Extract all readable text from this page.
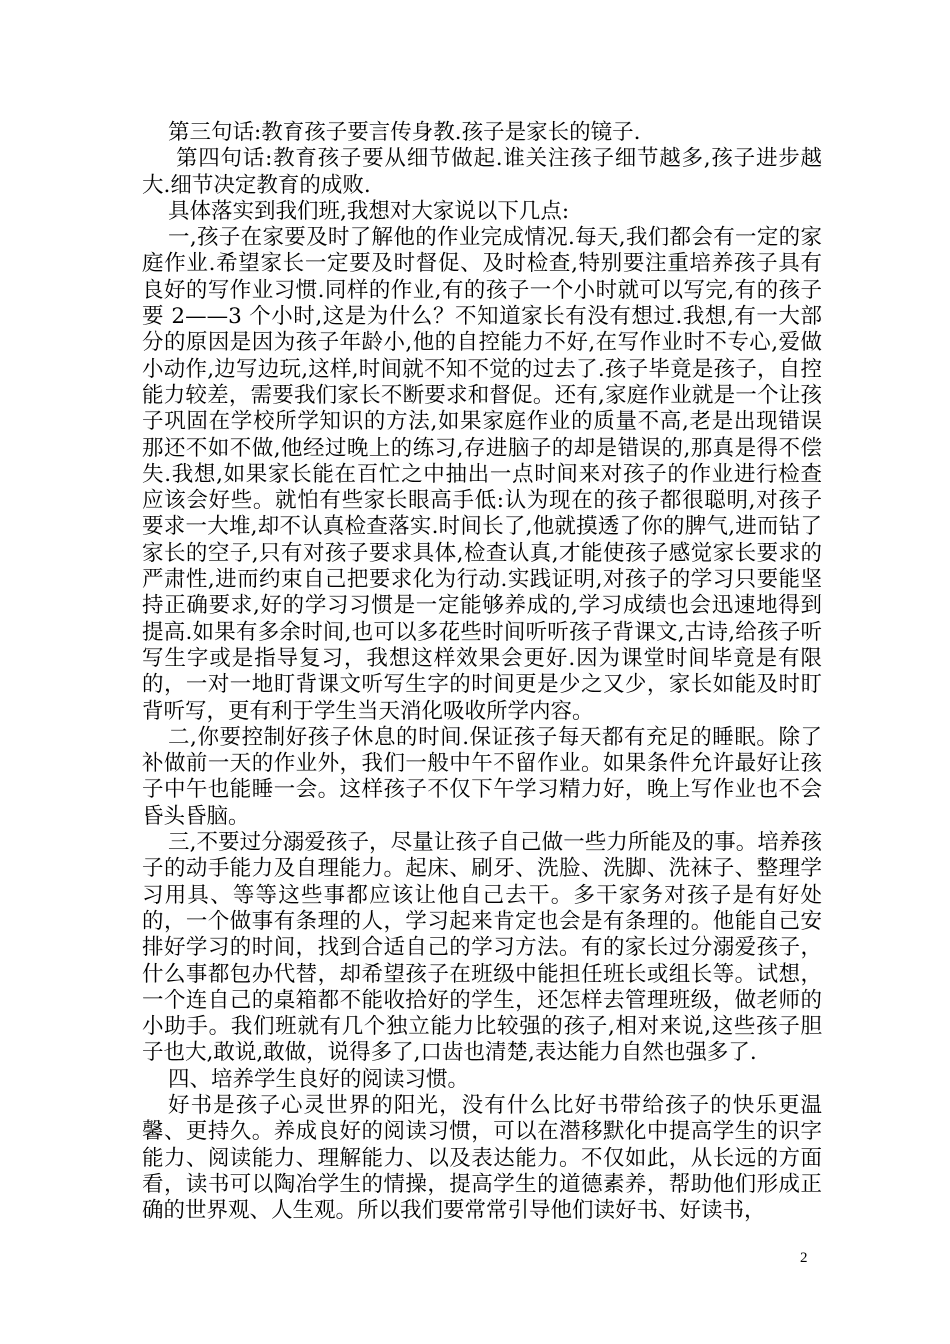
第三句话:教育孩子要言传身教.孩子是家长的镜子.

第四句话:教育孩子要从细节做起.谁关注孩子细节越多,孩子进步越大.细节决定教育的成败.

具体落实到我们班,我想对大家说以下几点:

一,孩子在家要及时了解他的作业完成情况.每天,我们都会有一定的家庭作业.希望家长一定要及时督促、及时检查,特别要注重培养孩子具有良好的写作业习惯.同样的作业,有的孩子一个小时就可以写完,有的孩子要 2——3 个小时,这是为什么？不知道家长有没有想过.我想,有一大部分的原因是因为孩子年龄小,他的自控能力不好,在写作业时不专心,爱做小动作,边写边玩,这样,时间就不知不觉的过去了.孩子毕竟是孩子，自控能力较差，需要我们家长不断要求和督促。还有,家庭作业就是一个让孩子巩固在学校所学知识的方法,如果家庭作业的质量不高,老是出现错误那还不如不做,他经过晚上的练习,存进脑子的却是错误的,那真是得不偿失.我想,如果家长能在百忙之中抽出一点时间来对孩子的作业进行检查应该会好些。就怕有些家长眼高手低:认为现在的孩子都很聪明,对孩子要求一大堆,却不认真检查落实.时间长了,他就摸透了你的脾气,进而钻了家长的空子,只有对孩子要求具体,检查认真,才能使孩子感觉家长要求的严肃性,进而约束自己把要求化为行动.实践证明,对孩子的学习只要能坚持正确要求,好的学习习惯是一定能够养成的,学习成绩也会迅速地得到提高.如果有多余时间,也可以多花些时间听听孩子背课文,古诗,给孩子听写生字或是指导复习，我想这样效果会更好.因为课堂时间毕竟是有限的，一对一地盯背课文听写生字的时间更是少之又少，家长如能及时盯背听写，更有利于学生当天消化吸收所学内容。

二,你要控制好孩子休息的时间.保证孩子每天都有充足的睡眠。除了补做前一天的作业外，我们一般中午不留作业。如果条件允许最好让孩子中午也能睡一会。这样孩子不仅下午学习精力好，晚上写作业也不会昏头昏脑。

三,不要过分溺爱孩子，尽量让孩子自己做一些力所能及的事。培养孩子的动手能力及自理能力。起床、刷牙、洗脸、洗脚、洗袜子、整理学习用具、等等这些事都应该让他自己去干。多干家务对孩子是有好处的，一个做事有条理的人，学习起来肯定也会是有条理的。他能自己安排好学习的时间，找到合适自己的学习方法。有的家长过分溺爱孩子，什么事都包办代替，却希望孩子在班级中能担任班长或组长等。试想，一个连自己的桌箱都不能收拾好的学生，还怎样去管理班级，做老师的小助手。我们班就有几个独立能力比较强的孩子,相对来说,这些孩子胆子也大,敢说,敢做，说得多了,口齿也清楚,表达能力自然也强多了.

四、培养学生良好的阅读习惯。

好书是孩子心灵世界的阳光，没有什么比好书带给孩子的快乐更温馨、更持久。养成良好的阅读习惯，可以在潜移默化中提高学生的识字能力、阅读能力、理解能力、以及表达能力。不仅如此，从长远的方面看，读书可以陶冶学生的情操，提高学生的道德素养，帮助他们形成正确的世界观、人生观。所以我们要常常引导他们读好书、好读书，

2
